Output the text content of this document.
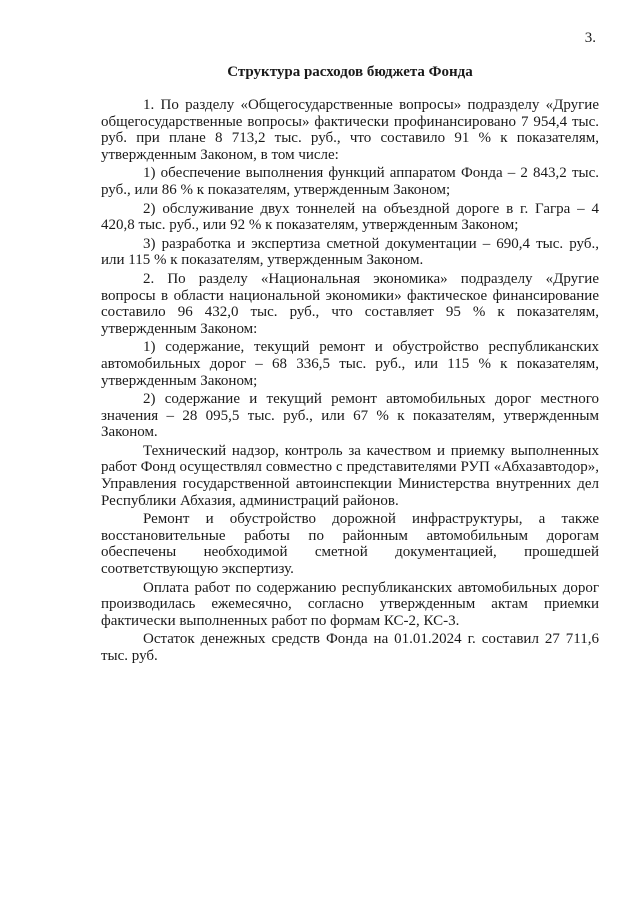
3.
Структура расходов бюджета Фонда

1. По разделу «Общегосударственные вопросы» подразделу «Другие общегосударственные вопросы» фактически профинансировано 7 954,4 тыс. руб. при плане 8 713,2 тыс. руб., что составило 91 % к показателям, утвержденным Законом, в том числе:

1) обеспечение выполнения функций аппаратом Фонда – 2 843,2 тыс. руб., или 86 % к показателям, утвержденным Законом;

2) обслуживание двух тоннелей на объездной дороге в г. Гагра – 4 420,8 тыс. руб., или 92 % к показателям, утвержденным Законом;

3) разработка и экспертиза сметной документации – 690,4 тыс. руб., или 115 % к показателям, утвержденным Законом.

2. По разделу «Национальная экономика» подразделу «Другие вопросы в области национальной экономики» фактическое финансирование составило 96 432,0 тыс. руб., что составляет 95 % к показателям, утвержденным Законом:

1) содержание, текущий ремонт и обустройство республиканских автомобильных дорог – 68 336,5 тыс. руб., или 115 % к показателям, утвержденным Законом;

2) содержание и текущий ремонт автомобильных дорог местного значения – 28 095,5 тыс. руб., или 67 % к показателям, утвержденным Законом.

Технический надзор, контроль за качеством и приемку выполненных работ Фонд осуществлял совместно с представителями РУП «Абхазавтодор», Управления государственной автоинспекции Министерства внутренних дел Республики Абхазия, администраций районов.

Ремонт и обустройство дорожной инфраструктуры, а также восстановительные работы по районным автомобильным дорогам обеспечены необходимой сметной документацией, прошедшей соответствующую экспертизу.

Оплата работ по содержанию республиканских автомобильных дорог производилась ежемесячно, согласно утвержденным актам приемки фактически выполненных работ по формам КС-2, КС-3.

Остаток денежных средств Фонда на 01.01.2024 г. составил 27 711,6 тыс. руб.
